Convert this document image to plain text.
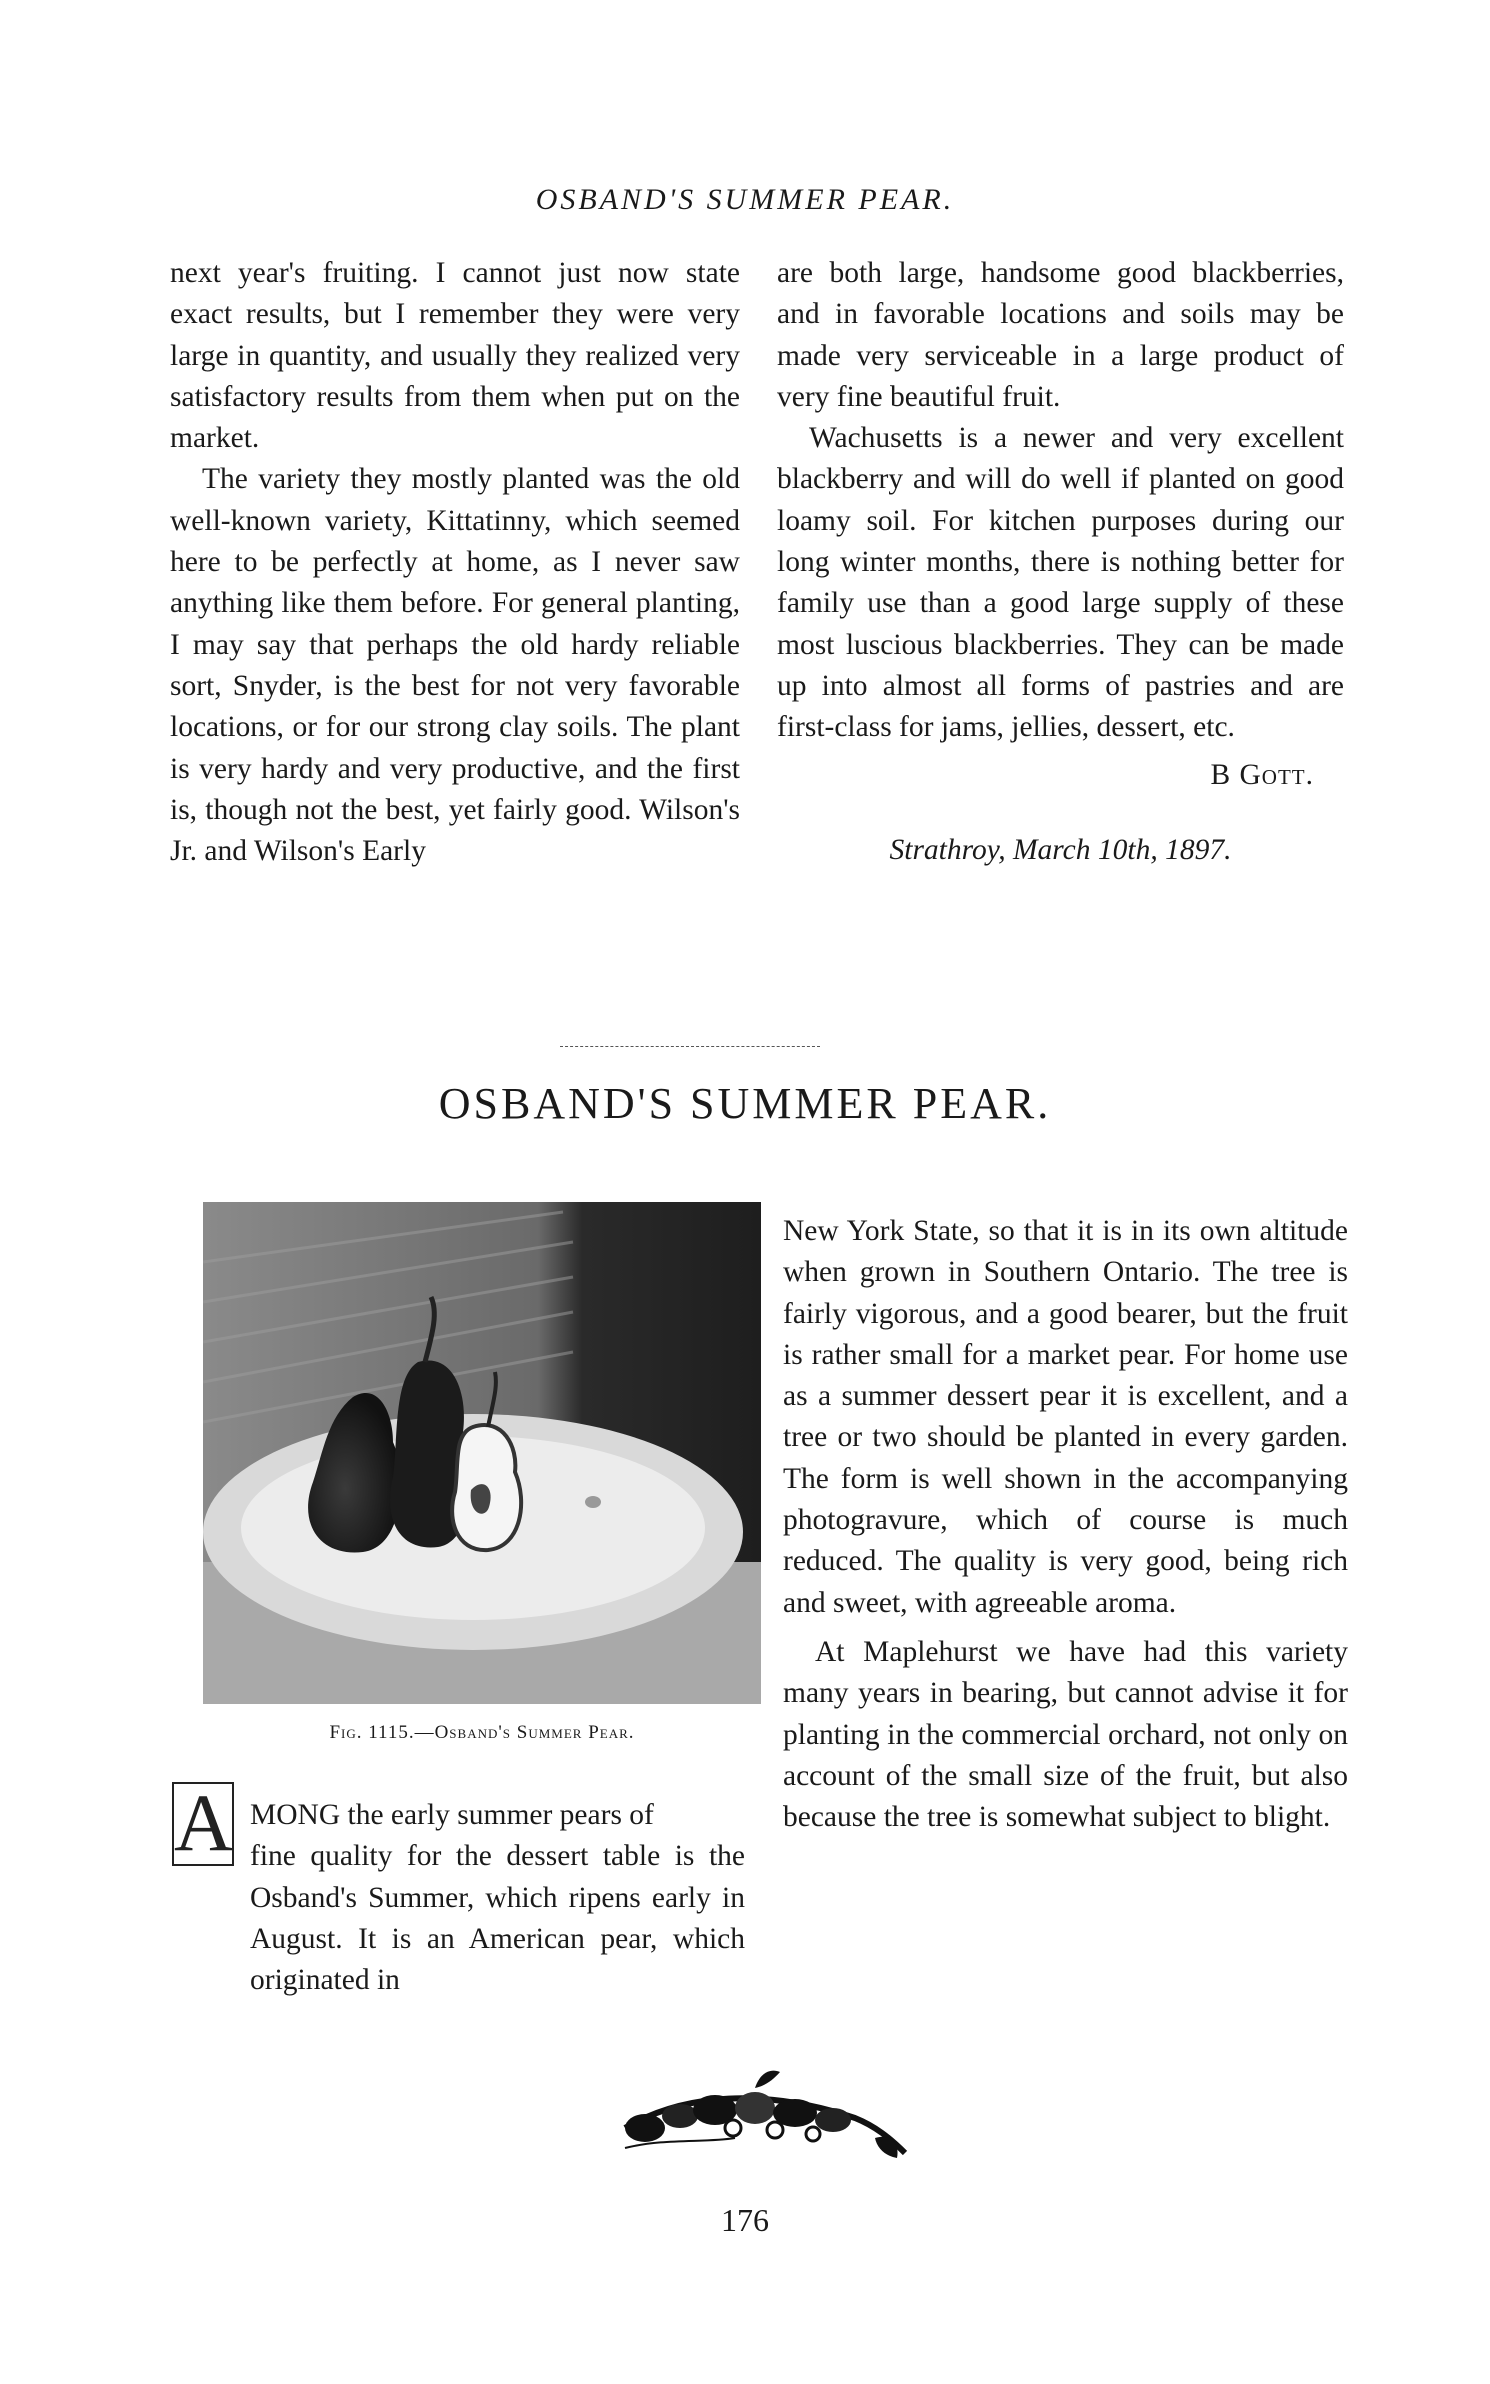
OSBAND'S SUMMER PEAR.

next year's fruiting. I cannot just now state exact results, but I remember they were very large in quantity, and usually they realized very satisfactory results from them when put on the market.

The variety they mostly planted was the old well-known variety, Kittatinny, which seemed here to be perfectly at home, as I never saw anything like them before. For general planting, I may say that perhaps the old hardy reliable sort, Snyder, is the best for not very favorable locations, or for our strong clay soils. The plant is very hardy and very productive, and the first is, though not the best, yet fairly good. Wilson's Jr. and Wilson's Early

are both large, handsome good blackberries, and in favorable locations and soils may be made very serviceable in a large product of very fine beautiful fruit.

Wachusetts is a newer and very excellent blackberry and will do well if planted on good loamy soil. For kitchen purposes during our long winter months, there is nothing better for family use than a good large supply of these most luscious blackberries. They can be made up into almost all forms of pastries and are first-class for jams, jellies, dessert, etc.

B Gott.

Strathroy, March 10th, 1897.

OSBAND'S SUMMER PEAR.
Fig. 1115.—Osband's Summer Pear.
A MONG the early summer pears of

fine quality for the dessert table is the Osband's Summer, which ripens early in August. It is an American pear, which originated in

New York State, so that it is in its own altitude when grown in Southern Ontario. The tree is fairly vigorous, and a good bearer, but the fruit is rather small for a market pear. For home use as a summer dessert pear it is excellent, and a tree or two should be planted in every garden. The form is well shown in the accompanying photogravure, which of course is much reduced. The quality is very good, being rich and sweet, with agreeable aroma.

At Maplehurst we have had this variety many years in bearing, but cannot advise it for planting in the commercial orchard, not only on account of the small size of the fruit, but also because the tree is somewhat subject to blight.

176
